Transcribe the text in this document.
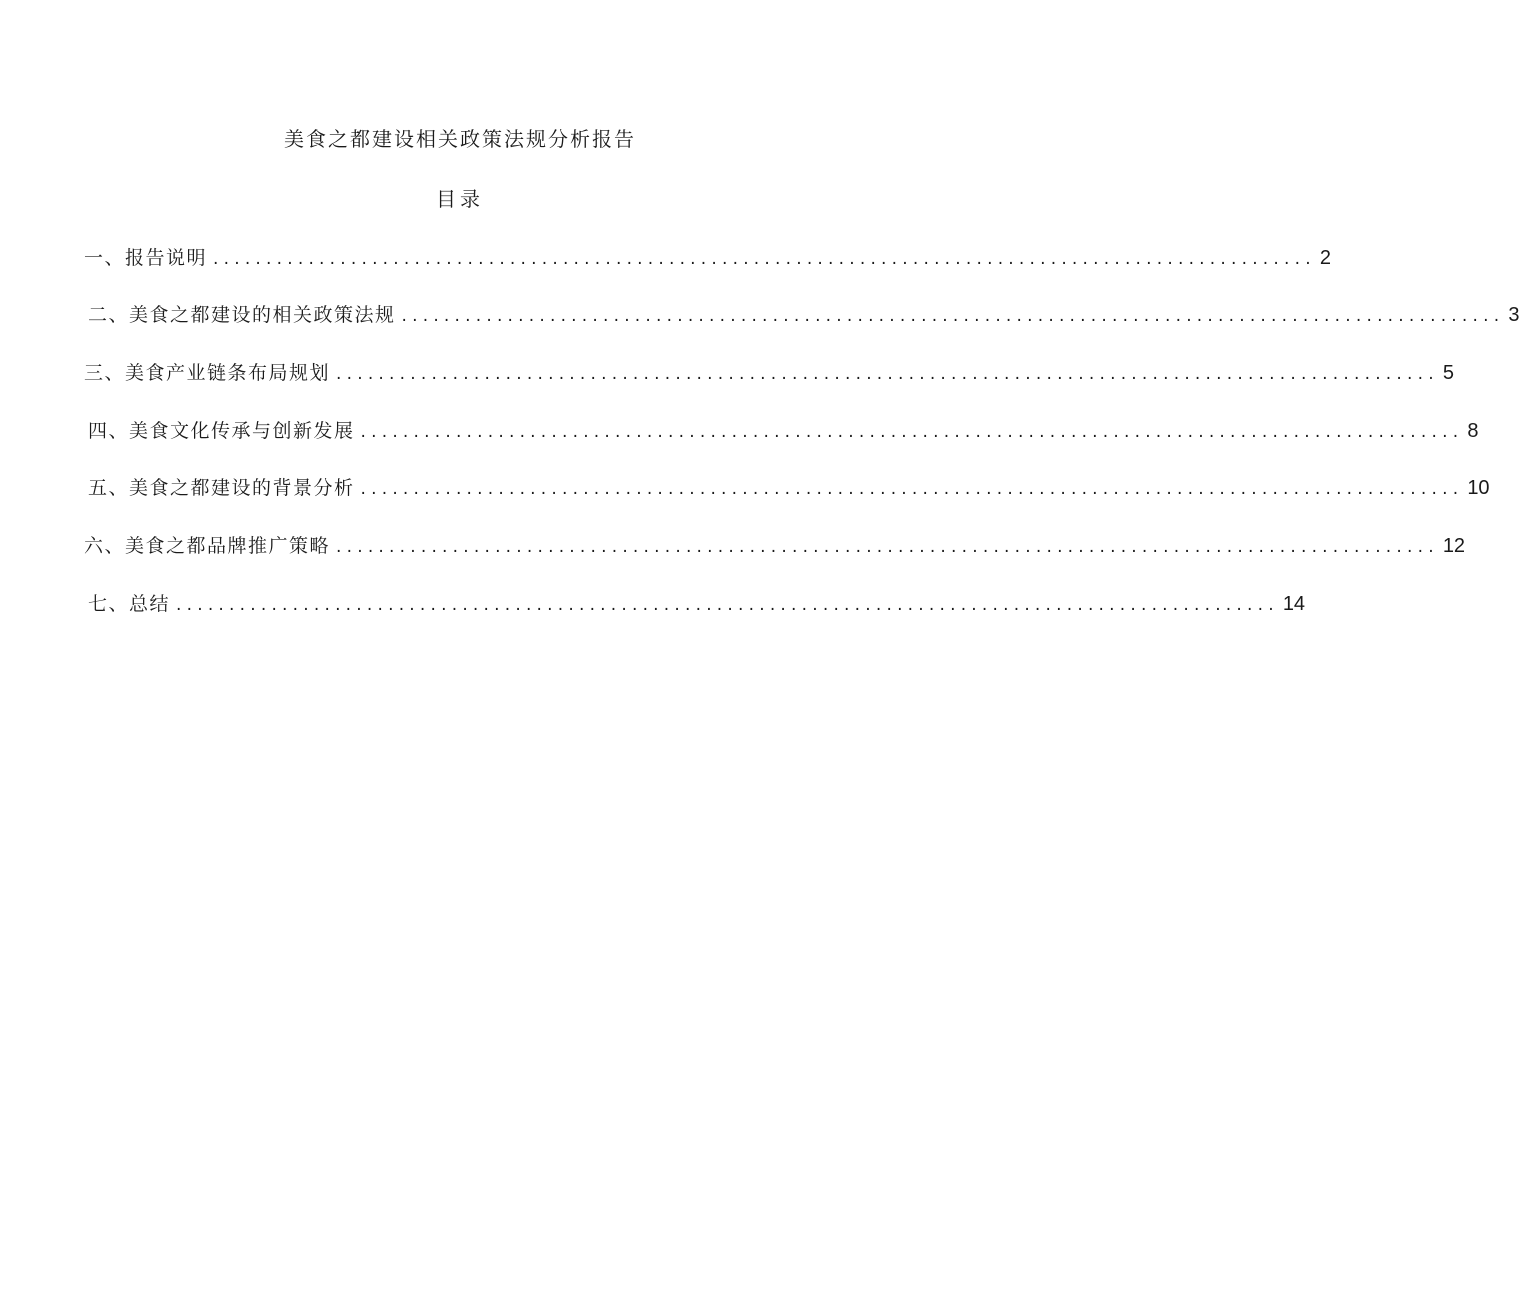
美食之都建设相关政策法规分析报告
目录
一、报告说明 ........................................................................................................ 2
二、美食之都建设的相关政策法规 ........................................................................................................ 3
三、美食产业链条布局规划 ........................................................................................................ 5
四、美食文化传承与创新发展 ........................................................................................................ 8
五、美食之都建设的背景分析 ........................................................................................................ 10
六、美食之都品牌推广策略 ........................................................................................................ 12
七、总结 ........................................................................................................ 14
